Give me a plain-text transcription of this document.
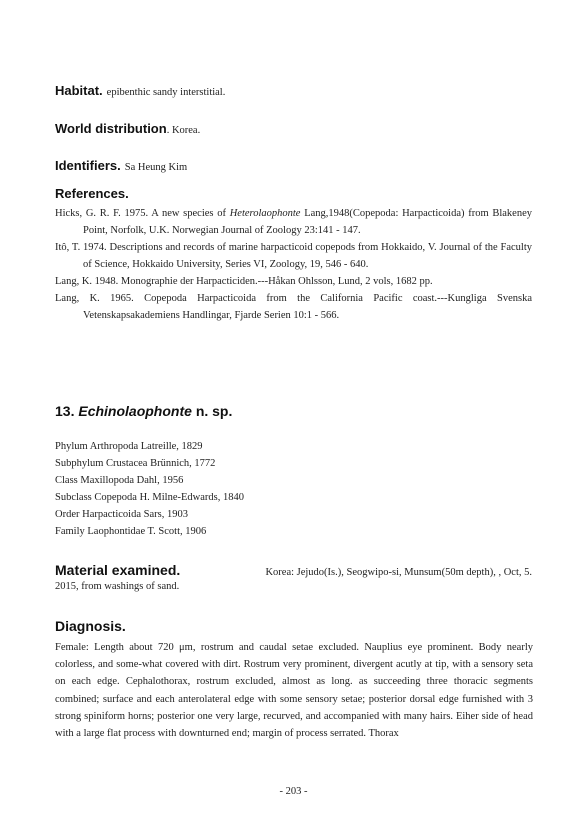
Habitat. epibenthic sandy interstitial.
World distribution. Korea.
Identifiers. Sa Heung Kim
References.
Hicks, G. R. F. 1975. A new species of Heterolaophonte Lang,1948(Copepoda: Harpacticoida) from Blakeney Point, Norfolk, U.K. Norwegian Journal of Zoology 23:141 - 147.
Itô, T. 1974. Descriptions and records of marine harpacticoid copepods from Hokkaido, V. Journal of the Faculty of Science, Hokkaido University, Series VI, Zoology, 19, 546 - 640.
Lang, K. 1948. Monographie der Harpacticiden.---Håkan Ohlsson, Lund, 2 vols, 1682 pp.
Lang, K. 1965. Copepoda Harpacticoida from the California Pacific coast.---Kungliga Svenska Vetenskapsakademiens Handlingar, Fjarde Serien 10:1 - 566.
13. Echinolaophonte n. sp.
Phylum Arthropoda Latreille, 1829
Subphylum Crustacea Brünnich, 1772
Class Maxillopoda Dahl, 1956
Subclass Copepoda H. Milne-Edwards, 1840
Order Harpacticoida Sars, 1903
Family Laophontidae T. Scott, 1906
Material examined.	Korea: Jejudo(Is.), Seogwipo-si, Munsum(50m depth), , Oct, 5.
2015, from washings of sand.
Diagnosis.
Female: Length about 720 μm, rostrum and caudal setae excluded. Nauplius eye prominent. Body nearly colorless, and some-what covered with dirt. Rostrum very prominent, divergent acutly at tip, with a sensory seta on each edge. Cephalothorax, rostrum excluded, almost as long. as succeeding three thoracic segments combined; surface and each anterolateral edge with some sensory setae; posterior dorsal edge furnished with 3 strong spiniform horns; posterior one very large, recurved, and accompanied with many hairs. Eiher side of head with a large flat process with downturned end; margin of process serrated. Thorax
- 203 -
